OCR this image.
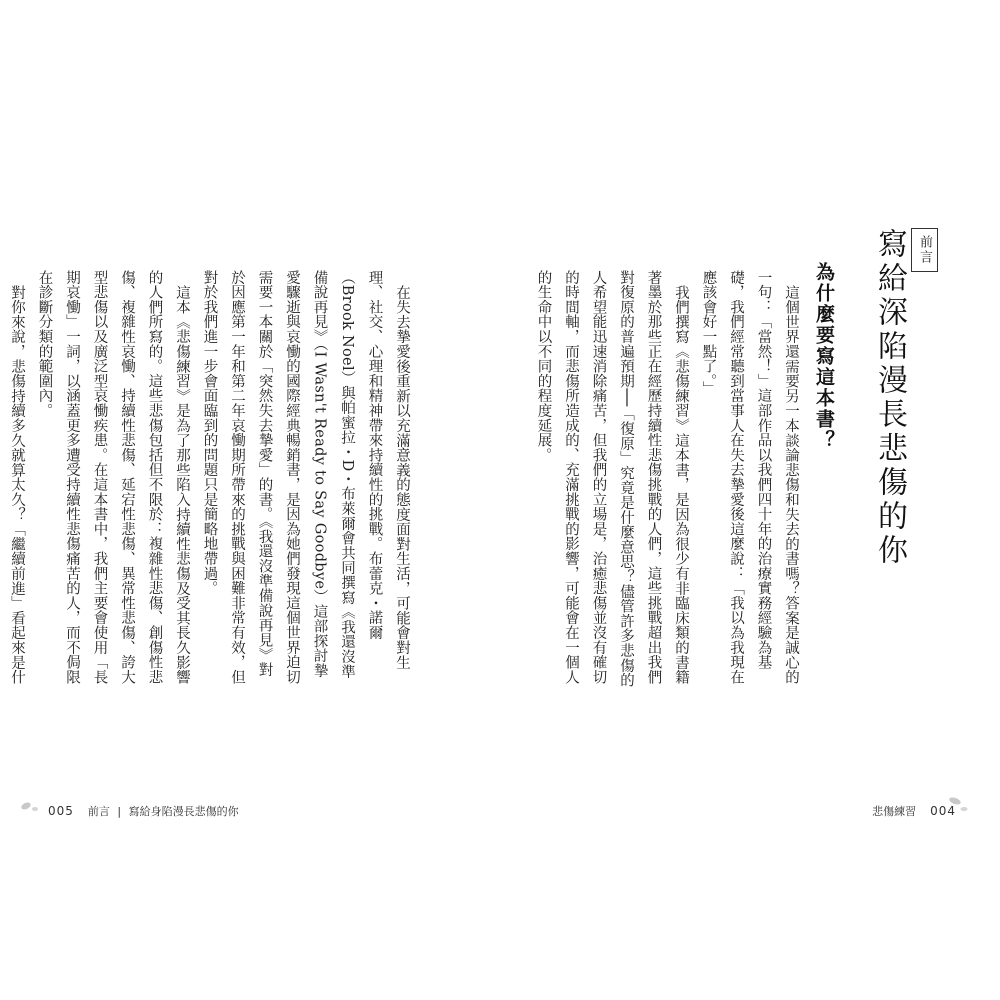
在失去摯愛後重新以充滿意義的態度面對生活，可能會對生理、社交、心理和精神帶來持續性的挑戰。布蕾克・諾爾（Brook Noel）與帕蜜拉・D・布萊爾會共同撰寫《我還沒準備說再見》（I Wasn't Ready to Say Goodbye）這部探討摯愛驟逝與哀慟的國際經典暢銷書，是因為她們發現這個世界迫切需要一本關於「突然失去摯愛」的書。《我還沒準備說再見》對於因應第一年和第二年哀慟期所帶來的挑戰與困難非常有效，但對於我們進一步會面臨到的問題只是簡略地帶過。

這本《悲傷練習》是為了那些陷入持續性悲傷及受其長久影響的人們所寫的。這些悲傷包括但不限於：複雜性悲傷、創傷性悲傷、複雜性哀慟、持續性悲傷、延宕性悲傷、異常性悲傷、誇大型悲傷以及廣泛型哀慟疾患。在這本書中，我們主要會使用「長期哀慟」一詞，以涵蓋更多遭受持續性悲傷痛苦的人，而不侷限在診斷分類的範圍內。

對你來說，悲傷持續多久就算太久？「繼續前進」看起來是什

005 前言 | 寫給身陷漫長悲傷的你
前言
寫給深陷漫長悲傷的你
為什麼要寫這本書？

這個世界還需要另一本談論悲傷和失去的書嗎？答案是誠心的一句：「當然！」這部作品以我們四十年的治療實務經驗為基礎，我們經常聽到當事人在失去摯愛後這麼說：「我以為我現在應該會好一點了。」

我們撰寫《悲傷練習》這本書，是因為很少有非臨床類的書籍著墨於那些正在經歷持續性悲傷挑戰的人們，這些挑戰超出我們對復原的普遍預期──「復原」究竟是什麼意思？儘管許多悲傷的人希望能迅速消除痛苦，但我們的立場是，治癒悲傷並沒有確切的時間軸，而悲傷所造成的、充滿挑戰的影響，可能會在一個人的生命中以不同的程度延展。

悲傷練習 004
